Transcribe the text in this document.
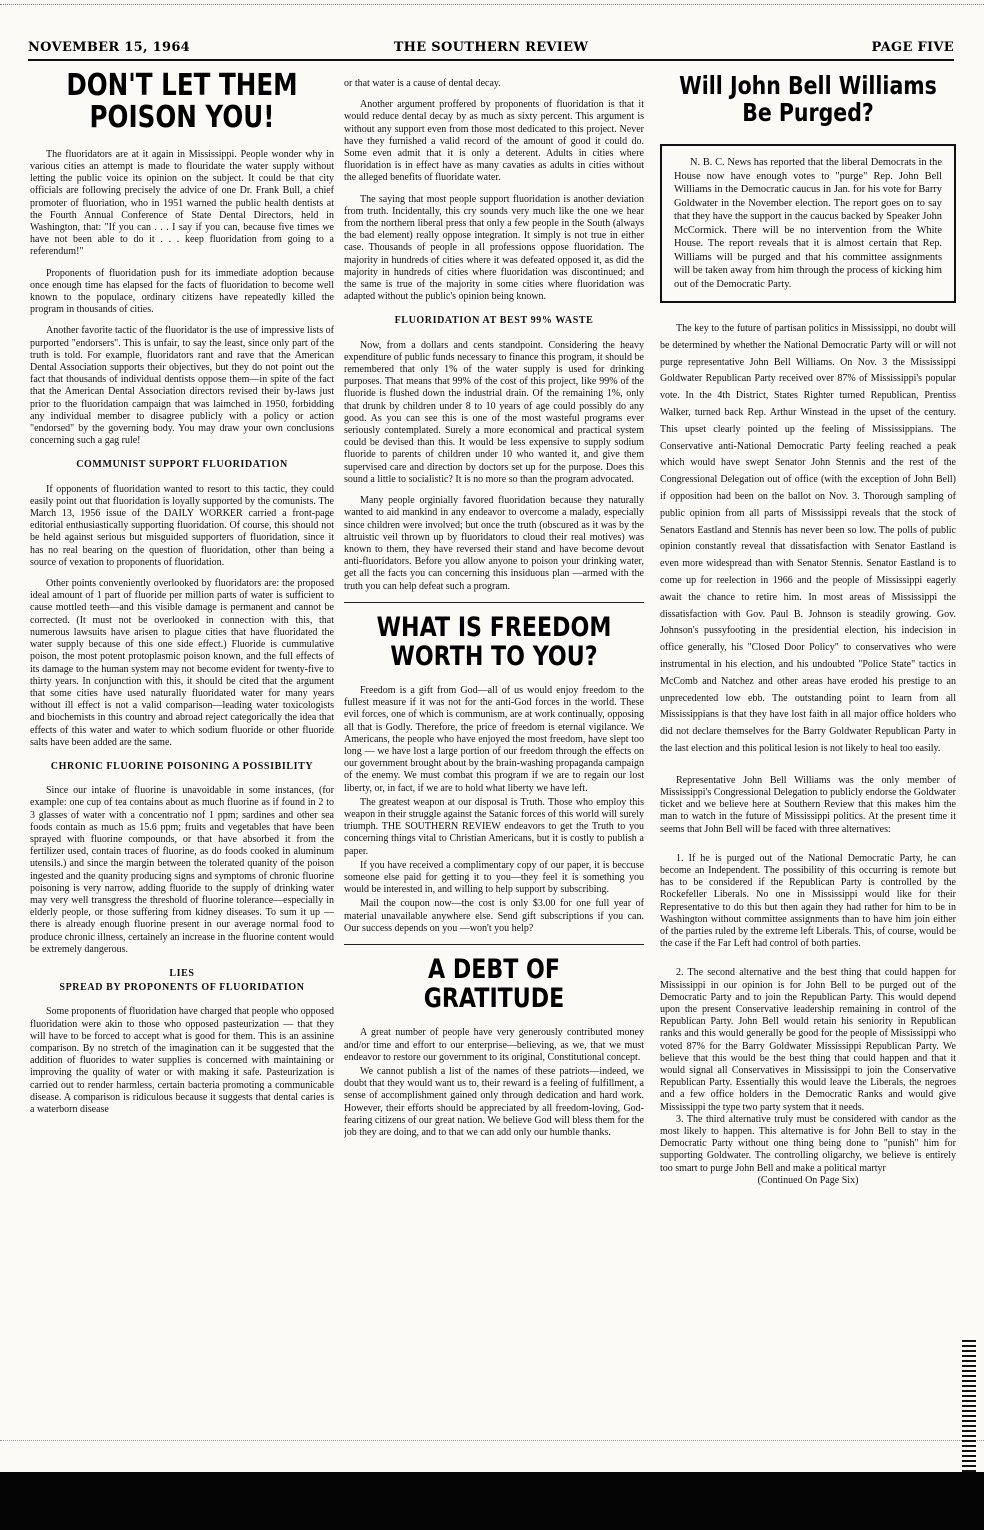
NOVEMBER 15, 1964	THE SOUTHERN REVIEW	PAGE FIVE
DON'T LET THEM POISON YOU!

The fluoridators are at it again in Mississippi. People wonder why in various cities an attempt is made to flouridate the water supply without letting the public voice its opinion on the subject. It could be that city officials are following precisely the advice of one Dr. Frank Bull, a chief promoter of fluoriation, who in 1951 warned the public health dentists at the Fourth Annual Conference of State Dental Directors, held in Washington, that: "If you can . . . I say if you can, because five times we have not been able to do it . . . keep fluoridation from going to a referendum!"

Proponents of fluoridation push for its immediate adoption because once enough time has elapsed for the facts of fluoridation to become well known to the populace, ordinary citizens have repeatedly killed the program in thousands of cities.

Another favorite tactic of the fluoridator is the use of impressive lists of purported "endorsers". This is unfair, to say the least, since only part of the truth is told. For example, fluoridators rant and rave that the American Dental Association supports their objectives, but they do not point out the fact that thousands of individual dentists oppose them—in spite of the fact that the American Dental Association directors revised their by-laws just prior to the fluoridation campaign that was laimched in 1950, forbidding any individual member to disagree publicly with a policy or action "endorsed" by the governing body. You may draw your own conclusions concerning such a gag rule!

COMMUNIST SUPPORT FLUORIDATION

If opponents of fluoridation wanted to resort to this tactic, they could easily point out that fluoridation is loyally supported by the comunists. The March 13, 1956 issue of the DAILY WORKER carried a front-page editorial enthusiastically supporting fluoridation. Of course, this should not be held against serious but misguided supporters of fluoridation, since it has no real bearing on the question of fluoridation, other than being a source of vexation to proponents of fluoridation.

Other points conveniently overlooked by fluoridators are: the proposed ideal amount of 1 part of fluoride per million parts of water is sufficient to cause mottled teeth—and this visible damage is permanent and cannot be corrected. (It must not be overlooked in connection with this, that numerous lawsuits have arisen to plague cities that have fluoridated the water supply because of this one side effect.) Fluoride is cummulative poison, the most potent protoplasmic poison known, and the full effects of its damage to the human system may not become evident for twenty-five to thirty years. In conjunction with this, it should be cited that the argument that some cities have used naturally fluoridated water for many years without ill effect is not a valid comparison—leading water toxicologists and biochemists in this country and abroad reject categorically the idea that effects of this water and water to which sodium fluoride or other fluoride salts have been added are the same.

CHRONIC FLUORINE POISONING A POSSIBILITY

Since our intake of fluorine is unavoidable in some instances, (for example: one cup of tea contains about as much fluorine as if found in 2 to 3 glasses of water with a concentratio nof 1 ppm; sardines and other sea foods contain as much as 15.6 ppm; fruits and vegetables that have been sprayed with fluorine compounds, or that have absorbed it from the fertilizer used, contain traces of fluorine, as do foods cooked in aluminum utensils.) and since the margin between the tolerated quanity of the poison ingested and the quanity producing signs and symptoms of chronic fluorine poisoning is very narrow, adding fluoride to the supply of drinking water may very well transgress the threshold of fluorine tolerance—especially in elderly people, or those suffering from kidney diseases. To sum it up — there is already enough fluorine present in our average normal food to produce chronic illness, certainely an increase in the fluorine content would be extremely dangerous.

LIES
SPREAD BY PROPONENTS OF FLUORIDATION

Some proponents of fluoridation have charged that people who opposed fluoridation were akin to those who opposed pasteurization — that they will have to be forced to accept what is good for them. This is an assinine comparison. By no stretch of the imagination can it be suggested that the addition of fluorides to water supplies is concerned with maintaining or improving the quality of water or with making it safe. Pasteurization is carried out to render harmless, certain bacteria promoting a communicable disease. A comparison is ridiculous because it suggests that dental caries is a waterborn disease

or that water is a cause of dental decay.

Another argument proffered by proponents of fluoridation is that it would reduce dental decay by as much as sixty percent. This argument is without any support even from those most dedicated to this project. Never have they furnished a valid record of the amount of good it could do. Some even admit that it is only a deterent. Adults in cities where fluoridation is in effect have as many cavaties as adults in cities without the alleged benefits of fluoridate water.

The saying that most people support fluoridation is another deviation from truth. Incidentally, this cry sounds very much like the one we hear from the northern liberal press that only a few people in the South (always the bad element) really oppose integration. It simply is not true in either case. Thousands of people in all professions oppose fluoridation. The majority in hundreds of cities where it was defeated opposed it, as did the majority in hundreds of cities where fluoridation was discontinued; and the same is true of the majority in some cities where fluoridation was adapted without the public's opinion being known.

FLUORIDATION AT BEST 99% WASTE

Now, from a dollars and cents standpoint. Considering the heavy expenditure of public funds necessary to finance this program, it should be remembered that only 1% of the water supply is used for drinking purposes. That means that 99% of the cost of this project, like 99% of the fluoride is flushed down the industrial drain. Of the remaining 1%, only that drunk by children under 8 to 10 years of age could possibly do any good. As you can see this is one of the most wasteful programs ever seriously contemplated. Surely a more economical and practical system could be devised than this. It would be less expensive to supply sodium fluoride to parents of children under 10 who wanted it, and give them supervised care and direction by doctors set up for the purpose. Does this sound a little to socialistic? It is no more so than the program advocated.

Many people orginially favored fluoridation because they naturally wanted to aid mankind in any endeavor to overcome a malady, especially since children were involved; but once the truth (obscured as it was by the altruistic veil thrown up by fluoridators to cloud their real motives) was known to them, they have reversed their stand and have become devout anti-fluoridators. Before you allow anyone to poison your drinking water, get all the facts you can concerning this insiduous plan —armed with the truth you can help defeat such a program.

WHAT IS FREEDOM WORTH TO YOU?

Freedom is a gift from God—all of us would enjoy freedom to the fullest measure if it was not for the anti-God forces in the world. These evil forces, one of which is communism, are at work continually, opposing all that is Godly. Therefore, the price of freedom is eternal vigilance. We Americans, the people who have enjoyed the most freedom, have slept too long — we have lost a large portion of our freedom through the effects on our government brought about by the brain-washing propaganda campaign of the enemy. We must combat this program if we are to regain our lost liberty, or, in fact, if we are to hold what liberty we have left.

The greatest weapon at our disposal is Truth. Those who employ this weapon in their struggle against the Satanic forces of this world will surely triumph. THE SOUTHERN REVIEW endeavors to get the Truth to you concerning things vital to Christian Americans, but it is costly to publish a paper.

If you have received a complimentary copy of our paper, it is beccuse someone else paid for getting it to you—they feel it is something you would be interested in, and willing to help support by subscribing.

Mail the coupon now—the cost is only $3.00 for one full year of material unavailable anywhere else. Send gift subscriptions if you can. Our success depends on you —won't you help?

A DEBT OF GRATITUDE

A great number of people have very generously contributed money and/or time and effort to our enterprise—believing, as we, that we must endeavor to restore our government to its original, Constitutional concept.

We cannot publish a list of the names of these patriots—indeed, we doubt that they would want us to, their reward is a feeling of fulfillment, a sense of accomplishment gained only through dedication and hard work. However, their efforts should be appreciated by all freedom-loving, God-fearing citizens of our great nation. We believe God will bless them for the job they are doing, and to that we can add only our humble thanks.

Will John Bell Williams Be Purged?

N. B. C. News has reported that the liberal Democrats in the House now have enough votes to "purge" Rep. John Bell Williams in the Democratic caucus in Jan. for his vote for Barry Goldwater in the November election. The report goes on to say that they have the support in the caucus backed by Speaker John McCormick. There will be no intervention from the White House. The report reveals that it is almost certain that Rep. Williams will be purged and that his committee assignments will be taken away from him through the process of kicking him out of the Democratic Party.

The key to the future of partisan politics in Mississippi, no doubt will be determined by whether the National Democratic Party will or will not purge representative John Bell Williams. On Nov. 3 the Mississippi Goldwater Republican Party received over 87% of Mississippi's popular vote. In the 4th District, States Righter turned Republican, Prentiss Walker, turned back Rep. Arthur Winstead in the upset of the century. This upset clearly pointed up the feeling of Mississippians. The Conservative anti-National Democratic Party feeling reached a peak which would have swept Senator John Stennis and the rest of the Congressional Delegation out of office (with the exception of John Bell) if opposition had been on the ballot on Nov. 3. Thorough sampling of public opinion from all parts of Mississippi reveals that the stock of Senators Eastland and Stennis has never been so low. The polls of public opinion constantly reveal that dissatisfaction with Senator Eastland is even more widespread than with Senator Stennis. Senator Eastland is to come up for reelection in 1966 and the people of Mississippi eagerly await the chance to retire him. In most areas of Mississippi the dissatisfaction with Gov. Paul B. Johnson is steadily growing. Gov. Johnson's pussyfooting in the presidential election, his indecision in office generally, his "Closed Door Policy" to conservatives who were instrumental in his election, and his undoubted "Police State" tactics in McComb and Natchez and other areas have eroded his prestige to an unprecedented low ebb. The outstanding point to learn from all Mississippians is that they have lost faith in all major office holders who did not declare themselves for the Barry Goldwater Republican Party in the last election and this political lesion is not likely to heal too easily.

Representative John Bell Williams was the only member of Mississippi's Congressional Delegation to publicly endorse the Goldwater ticket and we believe here at Southern Review that this makes him the man to watch in the future of Mississippi politics. At the present time it seems that John Bell will be faced with three alternatives:

1. If he is purged out of the National Democratic Party, he can become an Independent. The possibility of this occurring is remote but has to be considered if the Republican Party is controlled by the Rockefeller Liberals. No one in Mississippi would like for their Representative to do this but then again they had rather for him to be in Washington without committee assignments than to have him join either of the parties ruled by the extreme left Liberals. This, of course, would be the case if the Far Left had control of both parties.

2. The second alternative and the best thing that could happen for Mississippi in our opinion is for John Bell to be purged out of the Democratic Party and to join the Republican Party. This would depend upon the present Conservative leadership remaining in control of the Republican Party. John Bell would retain his seniority in Republican ranks and this would generally be good for the people of Mississippi who voted 87% for the Barry Goldwater Mississippi Republican Party. We believe that this would be the best thing that could happen and that it would signal all Conservatives in Mississippi to join the Conservative Republican Party. Essentially this would leave the Liberals, the negroes and a few office holders in the Democratic Ranks and would give Mississippi the type two party system that it needs.

3. The third alternative truly must be considered with candor as the most likely to happen. This alternative is for John Bell to stay in the Democratic Party without one thing being done to "punish" him for supporting Goldwater. The controlling oligarchy, we believe is entirely too smart to purge John Bell and make a political martyr

(Continued On Page Six)
